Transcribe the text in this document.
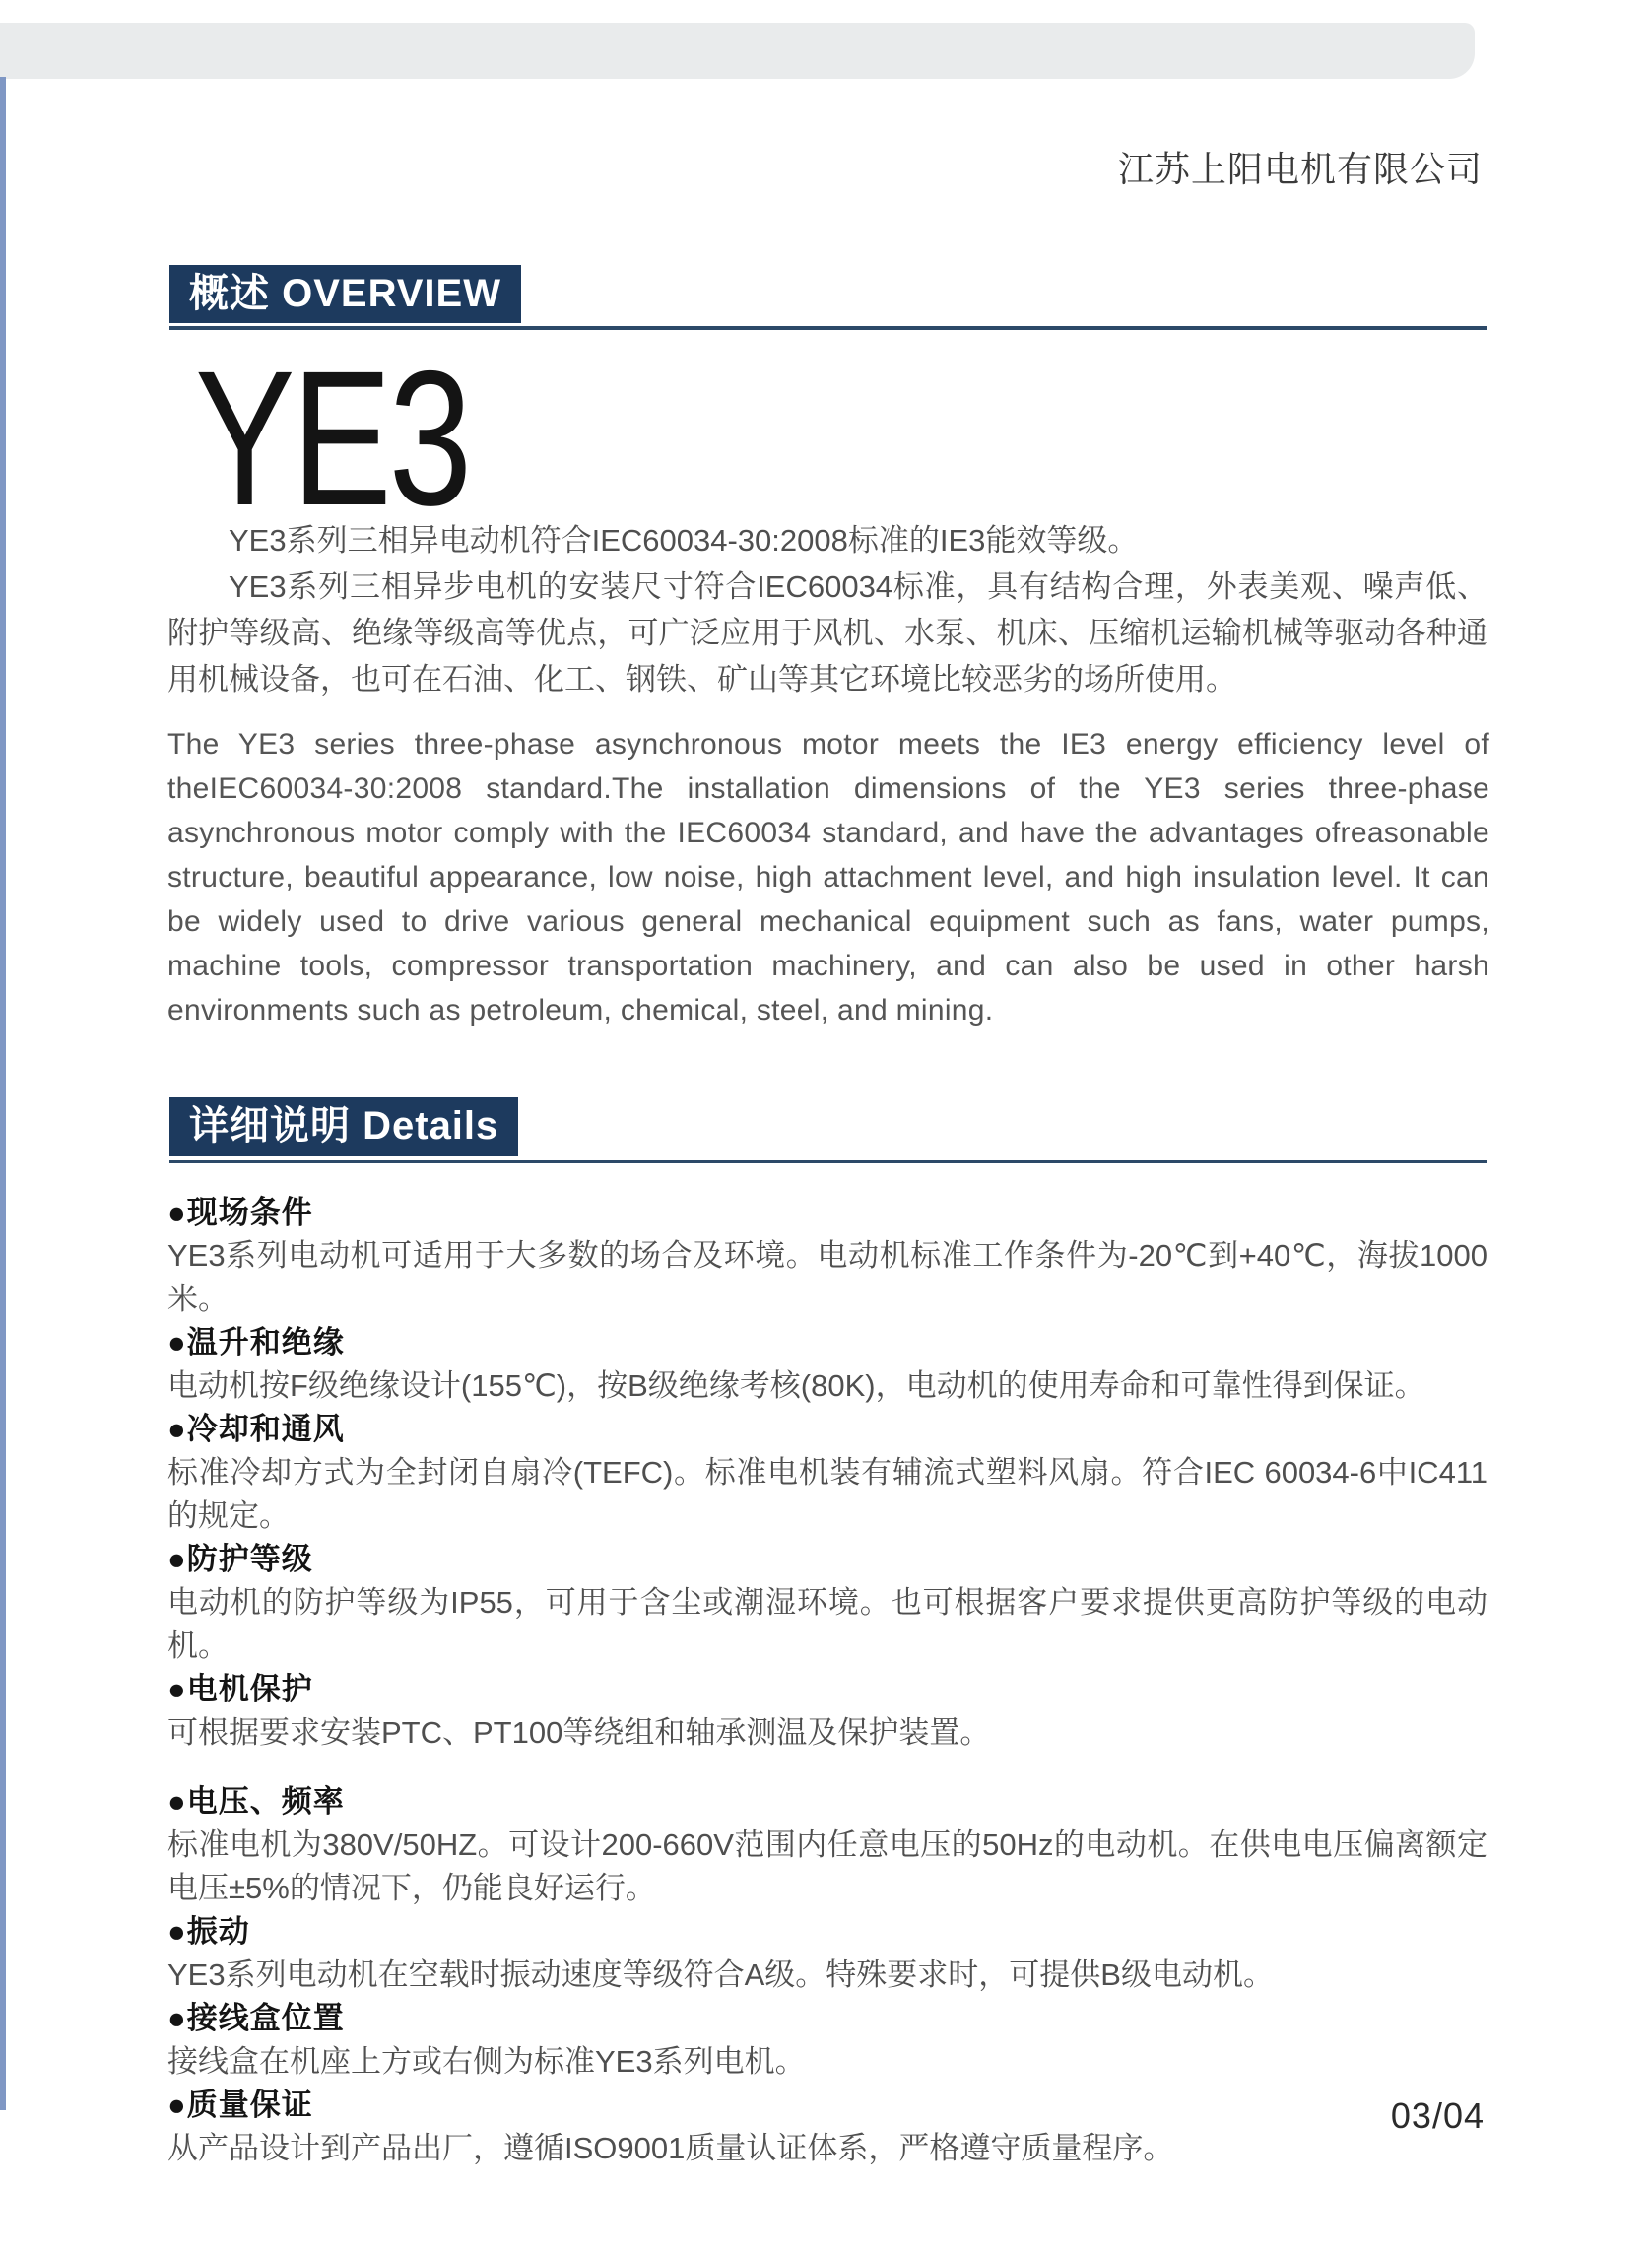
江苏上阳电机有限公司
概述 OVERVIEW
YE3

YE3系列三相异电动机符合IEC60034-30:2008标准的IE3能效等级。

YE3系列三相异步电机的安装尺寸符合IEC60034标准，具有结构合理，外表美观、噪声低、附护等级高、绝缘等级高等优点，可广泛应用于风机、水泵、机床、压缩机运输机械等驱动各种通用机械设备，也可在石油、化工、钢铁、矿山等其它环境比较恶劣的场所使用。

The YE3 series three-phase asynchronous motor meets the IE3 energy efficiency level of theIEC60034-30:2008 standard.The installation dimensions of the YE3 series three-phase asynchronous motor comply with the IEC60034 standard, and have the advantages ofreasonable structure, beautiful appearance, low noise, high attachment level, and high insulation level. It can be widely used to drive various general mechanical equipment such as fans, water pumps, machine tools, compressor transportation machinery, and can also be used in other harsh environments such as petroleum, chemical, steel, and mining.

详细说明 Details
●现场条件
YE3系列电动机可适用于大多数的场合及环境。电动机标准工作条件为-20℃到+40℃，海拔1000米。
●温升和绝缘
电动机按F级绝缘设计(155℃)，按B级绝缘考核(80K)，电动机的使用寿命和可靠性得到保证。
●冷却和通风
标准冷却方式为全封闭自扇冷(TEFC)。标准电机装有辅流式塑料风扇。符合IEC 60034-6中IC411的规定。
●防护等级
电动机的防护等级为IP55，可用于含尘或潮湿环境。也可根据客户要求提供更高防护等级的电动机。
●电机保护
可根据要求安装PTC、PT100等绕组和轴承测温及保护装置。
●电压、频率
标准电机为380V/50HZ。可设计200-660V范围内任意电压的50Hz的电动机。在供电电压偏离额定电压±5%的情况下，仍能良好运行。
●振动
YE3系列电动机在空载时振动速度等级符合A级。特殊要求时，可提供B级电动机。
●接线盒位置
接线盒在机座上方或右侧为标准YE3系列电机。
●质量保证
从产品设计到产品出厂，遵循ISO9001质量认证体系，严格遵守质量程序。
03/04
